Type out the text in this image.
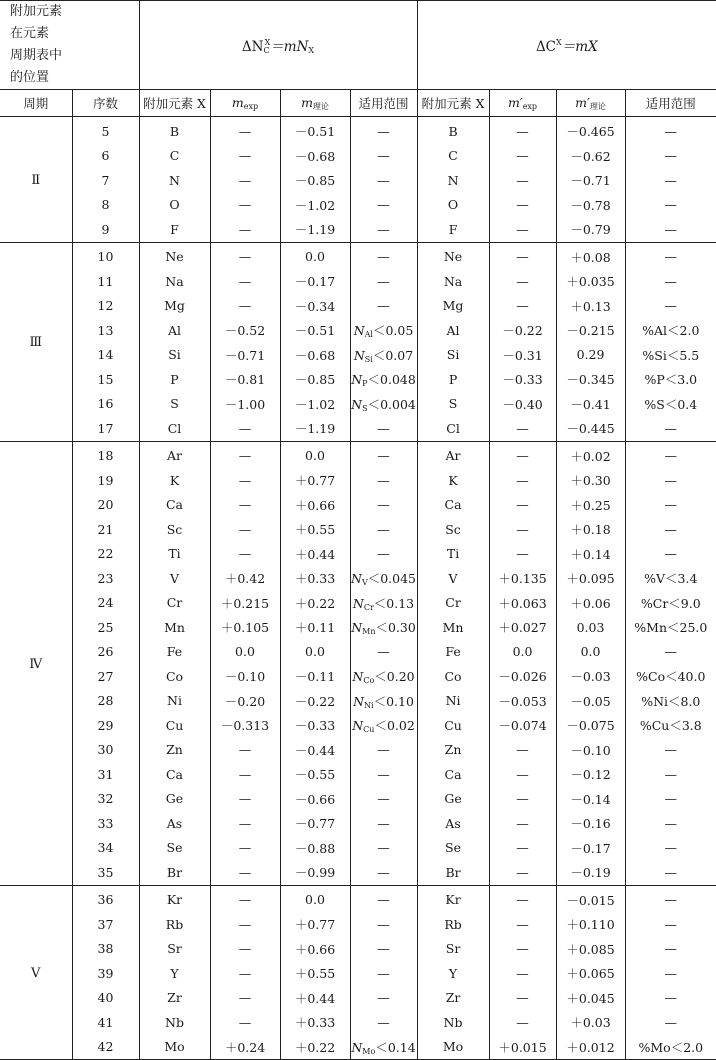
附加元素在元素
周期表中的位置		$\Delta N_C^X=mN_X$				$\Delta C^X=mX$			
周期	序数	附加元素 X	$m_{exp}$	$m_{理论}$	适用范围	附加元素 X	$m'_{exp}$	$m'_{理论}$	适用范围
Ⅱ	5	B	—	－0.51	—	B	—	－0.465	—
	6	C	—	－0.68	—	C	—	－0.62	—
	7	N	—	－0.85	—	N	—	－0.71	—
	8	O	—	－1.02	—	O	—	－0.78	—
	9	F	—	－1.19	—	F	—	－0.79	—
Ⅲ	10	Ne	—	0.0	—	Ne	—	＋0.08	—
	11	Na	—	－0.17	—	Na	—	＋0.035	—
	12	Mg	—	－0.34	—	Mg	—	＋0.13	—
	13	Al	－0.52	－0.51	$N_{Al}<0.05$	Al	－0.22	－0.215	%Al＜2.0
	14	Si	－0.71	－0.68	$N_{Si}<0.07$	Si	－0.31	0.29	%Si＜5.5
	15	P	－0.81	－0.85	$N_P<0.048$	P	－0.33	－0.345	%P＜3.0
	16	S	－1.00	－1.02	$N_S<0.004$	S	－0.40	－0.41	%S＜0.4
	17	Cl	—	－1.19	—	Cl	—	－0.445	—
Ⅳ	18	Ar	—	0.0	—	Ar	—	＋0.02	—
	19	K	—	＋0.77	—	K	—	＋0.30	—
	20	Ca	—	＋0.66	—	Ca	—	＋0.25	—
	21	Sc	—	＋0.55	—	Sc	—	＋0.18	—
	22	Ti	—	＋0.44	—	Ti	—	＋0.14	—
	23	V	＋0.42	＋0.33	$N_V<0.045$	V	＋0.135	＋0.095	%V＜3.4
	24	Cr	＋0.215	＋0.22	$N_{Cr}<0.13$	Cr	＋0.063	＋0.06	%Cr＜9.0
	25	Mn	＋0.105	＋0.11	$N_{Mn}<0.30$	Mn	＋0.027	0.03	%Mn＜25.0
	26	Fe	0.0	0.0	—	Fe	0.0	0.0	—
	27	Co	－0.10	－0.11	$N_{Co}<0.20$	Co	－0.026	－0.03	%Co＜40.0
	28	Ni	－0.20	－0.22	$N_{Ni}<0.10$	Ni	－0.053	－0.05	%Ni＜8.0
	29	Cu	－0.313	－0.33	$N_{Cu}<0.02$	Cu	－0.074	－0.075	%Cu＜3.8
	30	Zn	—	－0.44	—	Zn	—	－0.10	—
	31	Ca	—	－0.55	—	Ca	—	－0.12	—
	32	Ge	—	－0.66	—	Ge	—	－0.14	—
	33	As	—	－0.77	—	As	—	－0.16	—
	34	Se	—	－0.88	—	Se	—	－0.17	—
	35	Br	—	－0.99	—	Br	—	－0.19	—
Ⅴ	36	Kr	—	0.0	—	Kr	—	－0.015	—
	37	Rb	—	＋0.77	—	Rb	—	＋0.110	—
	38	Sr	—	＋0.66	—	Sr	—	＋0.085	—
	39	Y	—	＋0.55	—	Y	—	＋0.065	—
	40	Zr	—	＋0.44	—	Zr	—	＋0.045	—
	41	Nb	—	＋0.33	—	Nb	—	＋0.03	—
	42	Mo	＋0.24	＋0.22	$N_{Mo}<0.14$	Mo	＋0.015	＋0.012	%Mo＜2.0
